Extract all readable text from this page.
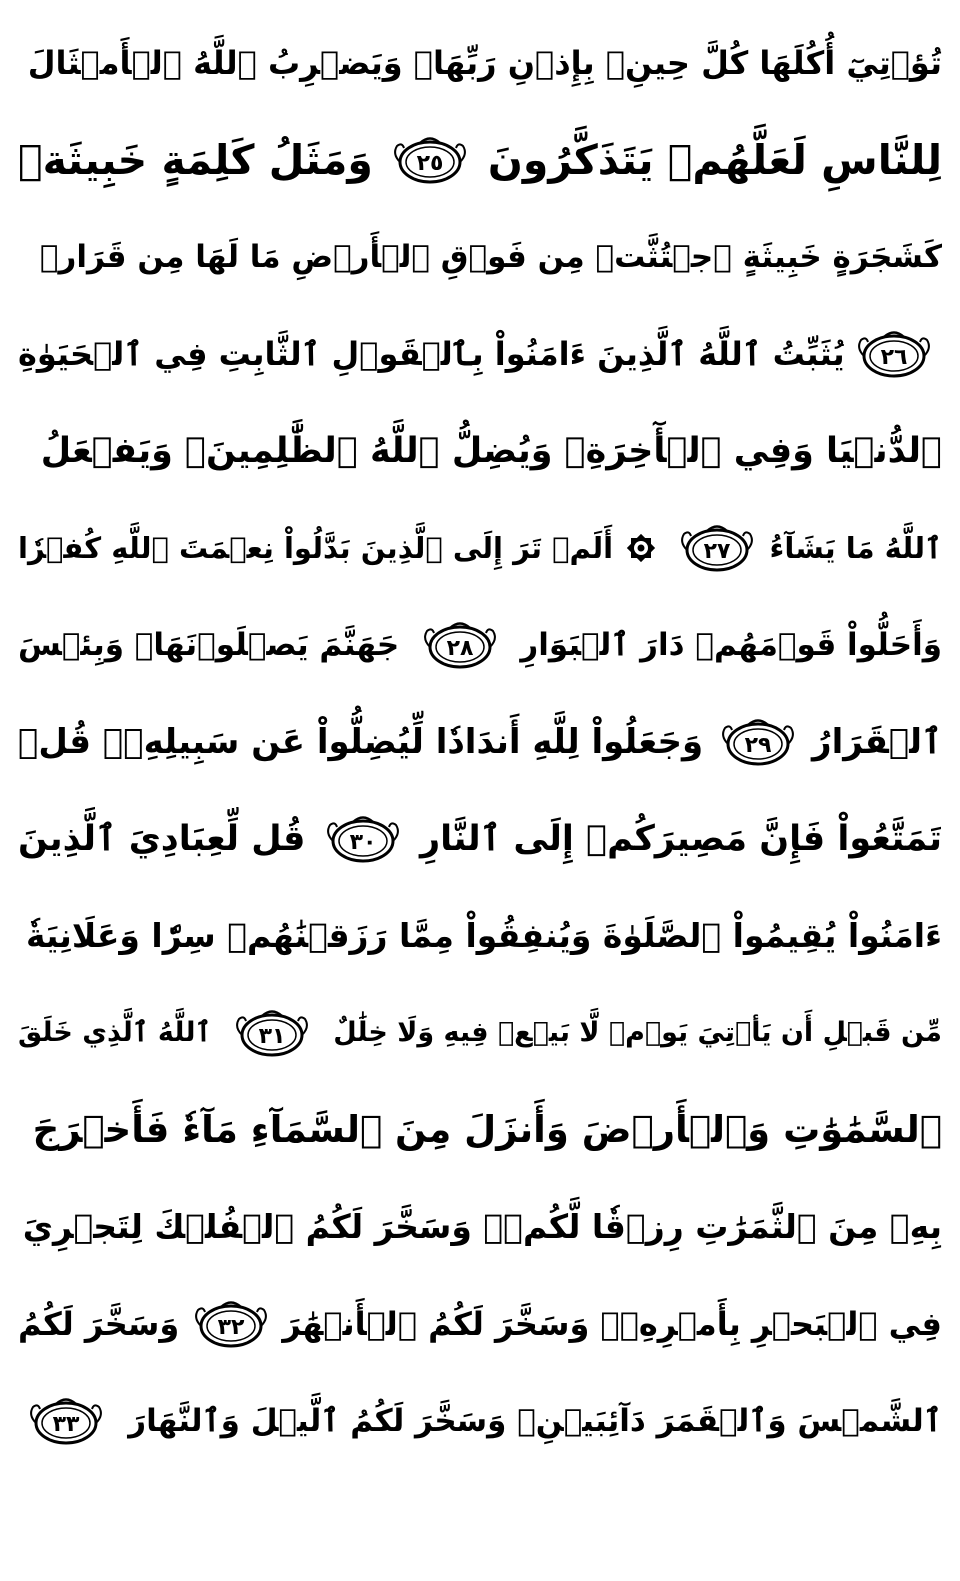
تُؤۡتِيٓ أُكُلَهَا كُلَّ حِينِۭ بِإِذۡنِ رَبِّهَاۗ وَيَضۡرِبُ ٱللَّهُ ٱلۡأَمۡثَالَ
لِلنَّاسِ لَعَلَّهُمۡ يَتَذَكَّرُونَ
٢٥
وَمَثَلُ كَلِمَةٍ خَبِيثَةٖ
كَشَجَرَةٍ خَبِيثَةٍ ٱجۡتُثَّتۡ مِن فَوۡقِ ٱلۡأَرۡضِ مَا لَهَا مِن قَرَارٖ
٢٦
يُثَبِّتُ ٱللَّهُ ٱلَّذِينَ ءَامَنُواْ بِٱلۡقَوۡلِ ٱلثَّابِتِ فِي ٱلۡحَيَوٰةِ
ٱلدُّنۡيَا وَفِي ٱلۡأٓخِرَةِۖ وَيُضِلُّ ٱللَّهُ ٱلظَّٰلِمِينَۚ وَيَفۡعَلُ
ٱللَّهُ مَا يَشَآءُ
٢٧
أَلَمۡ تَرَ إِلَى ٱلَّذِينَ بَدَّلُواْ نِعۡمَتَ ٱللَّهِ كُفۡرٗا
وَأَحَلُّواْ قَوۡمَهُمۡ دَارَ ٱلۡبَوَارِ
٢٨
جَهَنَّمَ يَصۡلَوۡنَهَاۖ وَبِئۡسَ
ٱلۡقَرَارُ
٢٩
وَجَعَلُواْ لِلَّهِ أَندَادٗا لِّيُضِلُّواْ عَن سَبِيلِهِۦۗ قُلۡ
تَمَتَّعُواْ فَإِنَّ مَصِيرَكُمۡ إِلَى ٱلنَّارِ
٣٠
قُل لِّعِبَادِيَ ٱلَّذِينَ
ءَامَنُواْ يُقِيمُواْ ٱلصَّلَوٰةَ وَيُنفِقُواْ مِمَّا رَزَقۡنَٰهُمۡ سِرّٗا وَعَلَانِيَةٗ
مِّن قَبۡلِ أَن يَأۡتِيَ يَوۡمٞ لَّا بَيۡعٞ فِيهِ وَلَا خِلَٰلٌ
٣١
ٱللَّهُ ٱلَّذِي خَلَقَ
ٱلسَّمَٰوَٰتِ وَٱلۡأَرۡضَ وَأَنزَلَ مِنَ ٱلسَّمَآءِ مَآءٗ فَأَخۡرَجَ
بِهِۦ مِنَ ٱلثَّمَرَٰتِ رِزۡقٗا لَّكُمۡۖ وَسَخَّرَ لَكُمُ ٱلۡفُلۡكَ لِتَجۡرِيَ
فِي ٱلۡبَحۡرِ بِأَمۡرِهِۦۖ وَسَخَّرَ لَكُمُ ٱلۡأَنۡهَٰرَ
٣٢
وَسَخَّرَ لَكُمُ
ٱلشَّمۡسَ وَٱلۡقَمَرَ دَآئِبَيۡنِۖ وَسَخَّرَ لَكُمُ ٱلَّيۡلَ وَٱلنَّهَارَ
٣٣
